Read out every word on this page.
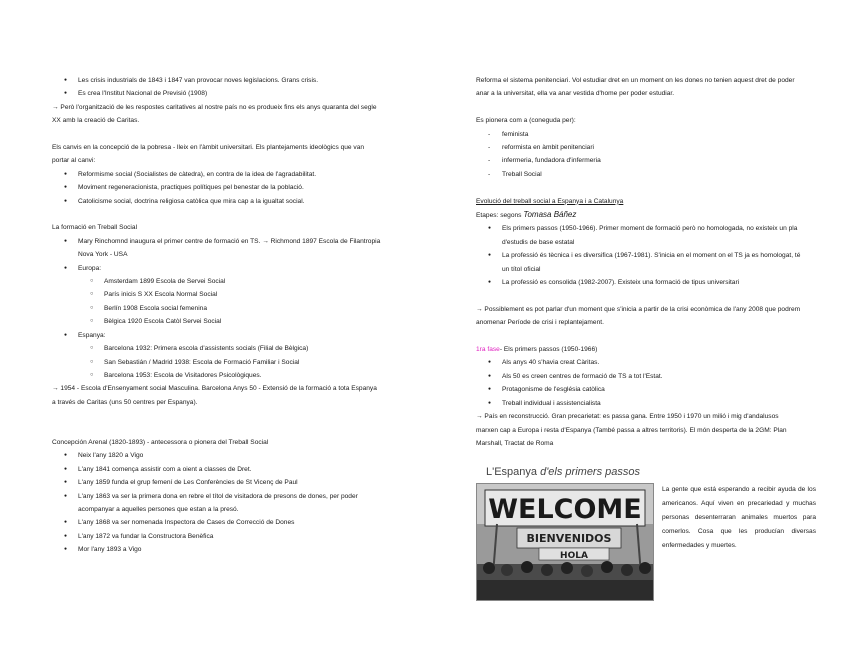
● Les crisis industrials de 1843 i 1847 van provocar noves legislacions. Grans crisis.
● Es crea l'Institut Nacional de Previsió (1908)

→ Però l'organització de les respostes caritatives al nostre país no es produeix fins els anys quaranta del segle XX amb la creació de Caritas.

Els canvis en la concepció de la pobresa - lleix en l'àmbit universitari. Els plantejaments ideològics que van portar al canvi:

● Reformisme social (Socialistes de càtedra), en contra de la idea de l'agradabilitat.
● Moviment regeneracionista, practiques polítiques pel benestar de la població.
● Catolicisme social, doctrina religiosa catòlica que mira cap a la igualtat social.

La formació en Treball Social

● Mary Rinchomnd inaugura el primer centre de formació en TS. → Richmond 1897 Escola de Filantropia Nova York - USA
● Europa:
○ Amsterdam 1899 Escola de Servei Social
○ París inicis S XX Escola Normal Social
○ Berlín 1908 Escola social femenina
○ Bèlgica 1920 Escola Catòl Servei Social
● Espanya:
○ Barcelona 1932: Primera escola d'assistents socials (Filial de Bèlgica)
○ San Sebastián / Madrid 1938: Escola de Formació Familiar i Social
○ Barcelona 1953: Escola de Visitadores Psicològiques.

→ 1954 - Escola d'Ensenyament social Masculina. Barcelona Anys 50 - Extensió de la formació a tota Espanya a través de Caritas (uns 50 centres per Espanya).

Concepción Arenal (1820-1893) - antecessora o pionera del Treball Social

● Neix l'any 1820 a Vigo
● L'any 1841 comença assistir com a oient a classes de Dret.
● L'any 1859 funda el grup femení de Les Conferències de St Vicenç de Paul
● L'any 1863 va ser la primera dona en rebre el títol de visitadora de presons de dones, per poder acompanyar a aquelles persones que estan a la presó.
● L'any 1868 va ser nomenada Inspectora de Cases de Correcció de Dones
● L'any 1872 va fundar la Constructora Benèfica
● Mor l'any 1893 a Vigo

Reforma el sistema penitenciari. Vol estudiar dret en un moment on les dones no tenien aquest dret de poder anar a la universitat, ella va anar vestida d'home per poder estudiar.

Es pionera com a (coneguda per):

- feminista
- reformista en àmbit penitenciari
- infermeria, fundadora d'infermeria
- Treball Social

Evolució del treball social a Espanya i a Catalunya

Etapes: segons Tomasa Báñez

● Els primers passos (1950-1966). Primer moment de formació però no homologada, no existeix un pla d'estudis de base estatal
● La professió és tècnica i es diversifica (1967-1981). S'inicia en el moment on el TS ja es homologat, té un títol oficial
● La professió es consolida (1982-2007). Existeix una formació de tipus universitari

→ Possiblement es pot parlar d'un moment que s'inicia a partir de la crisi econòmica de l'any 2008 que podrem anomenar Període de crisi i replantejament.

1ra fase- Els primers passos (1950-1966)

● Als anys 40 s'havia creat Càritas.
● Als 50 es creen centres de formació de TS a tot l'Estat.
● Protagonisme de l'església catòlica
● Treball individual i assistencialista

→ País en reconstrucció. Gran precarietat: es passa gana. Entre 1950 i 1970 un milió i mig d'andalusos marxen cap a Europa i resta d'Espanya (També passa a altres territoris). El món desperta de la 2GM: Plan Marshall, Tractat de Roma

L'Espanya d'els primers passos
WELCOME
BIENVENIDOS
HOLA
La gente que está esperando a recibir ayuda de los americanos. Aquí viven en precariedad y muchas personas desenterraran animales muertos para comerlos. Cosa que les producían diversas enfermedades y muertes.
